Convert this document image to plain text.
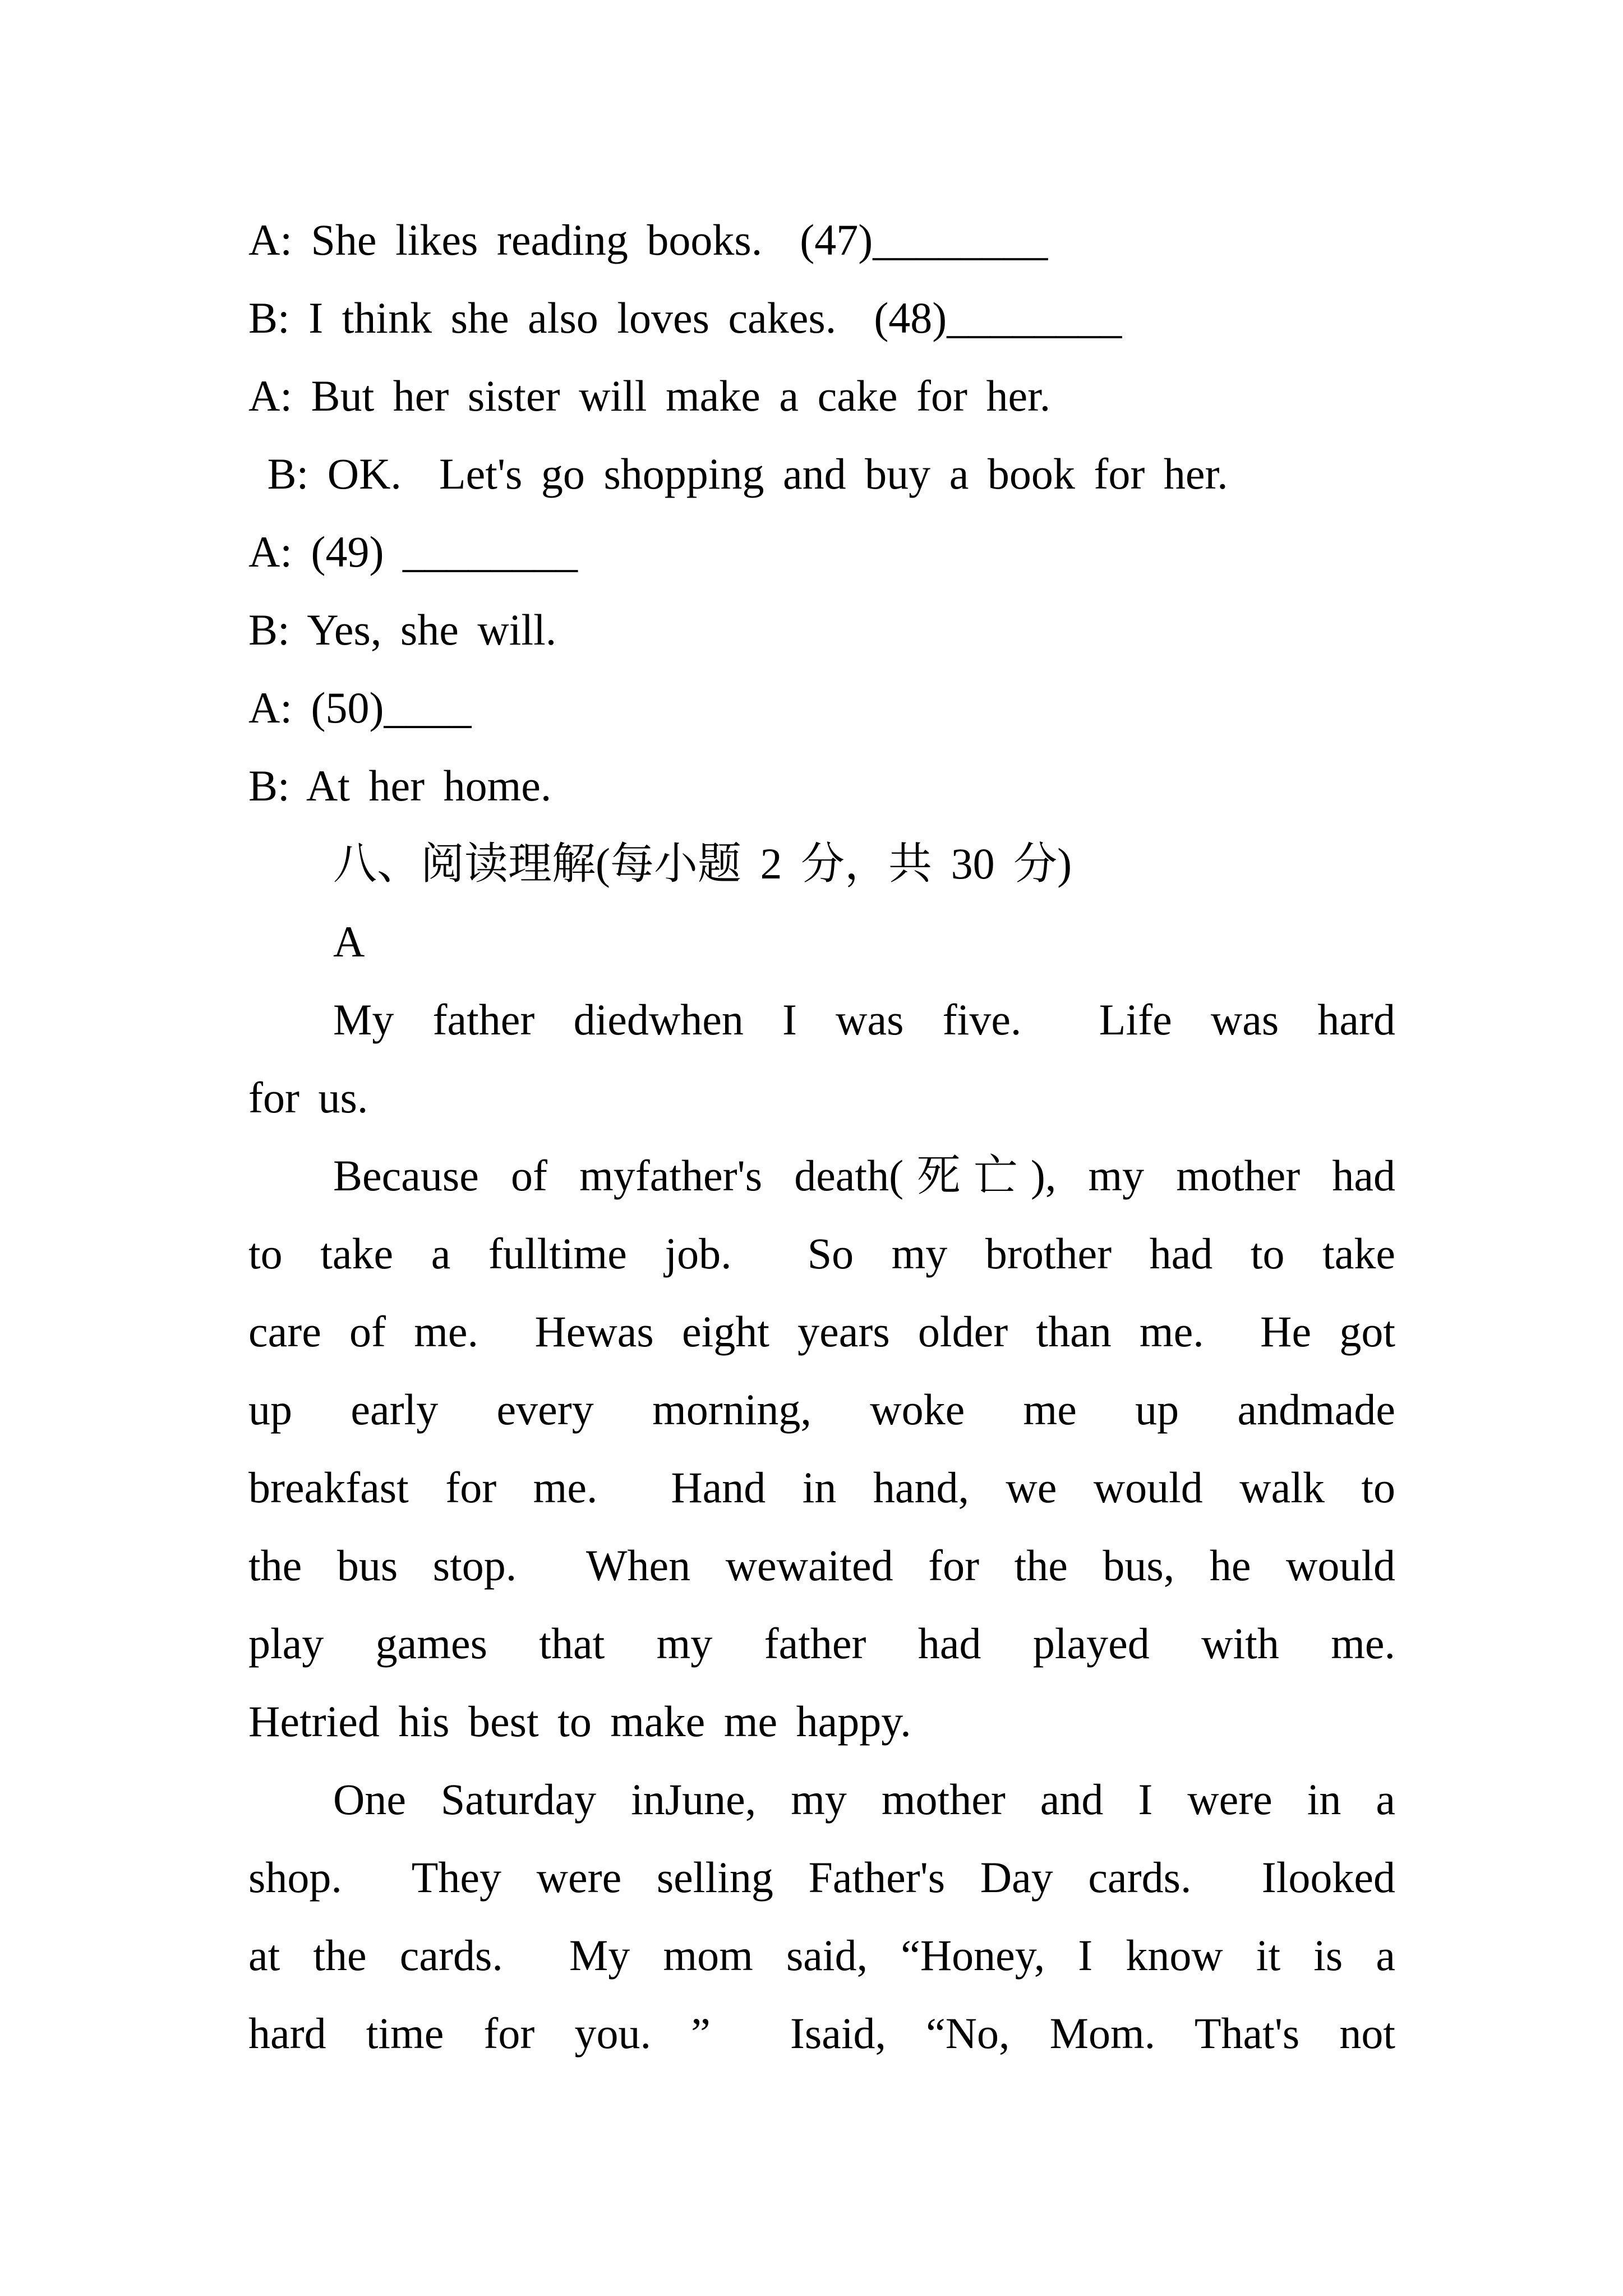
A: She likes reading books.  (47)________
B: I think she also loves cakes.  (48)________
A: But her sister will make a cake for her.
B: OK.  Let's go shopping and buy a book for her.
A: (49) ________
B: Yes, she will.
A: (50)____
B: At her home.
八、阅读理解(每小题 2 分，共 30 分)
A
My father diedwhen I was five.  Life was hard
for us.
Because of myfather's death(死亡), my mother had
to take a fulltime job.  So my brother had to take
care of me.  Hewas eight years older than me.  He got
up early every morning, woke me up andmade
breakfast for me.  Hand in hand, we would walk to
the bus stop.  When wewaited for the bus, he would
play games that my father had played with me.
Hetried his best to make me happy.
One Saturday inJune, my mother and I were in a
shop.  They were selling Father's Day cards.  Ilooked
at the cards.  My mom said, “Honey, I know it is a
hard time for you. ”  Isaid, “No, Mom. That's not
